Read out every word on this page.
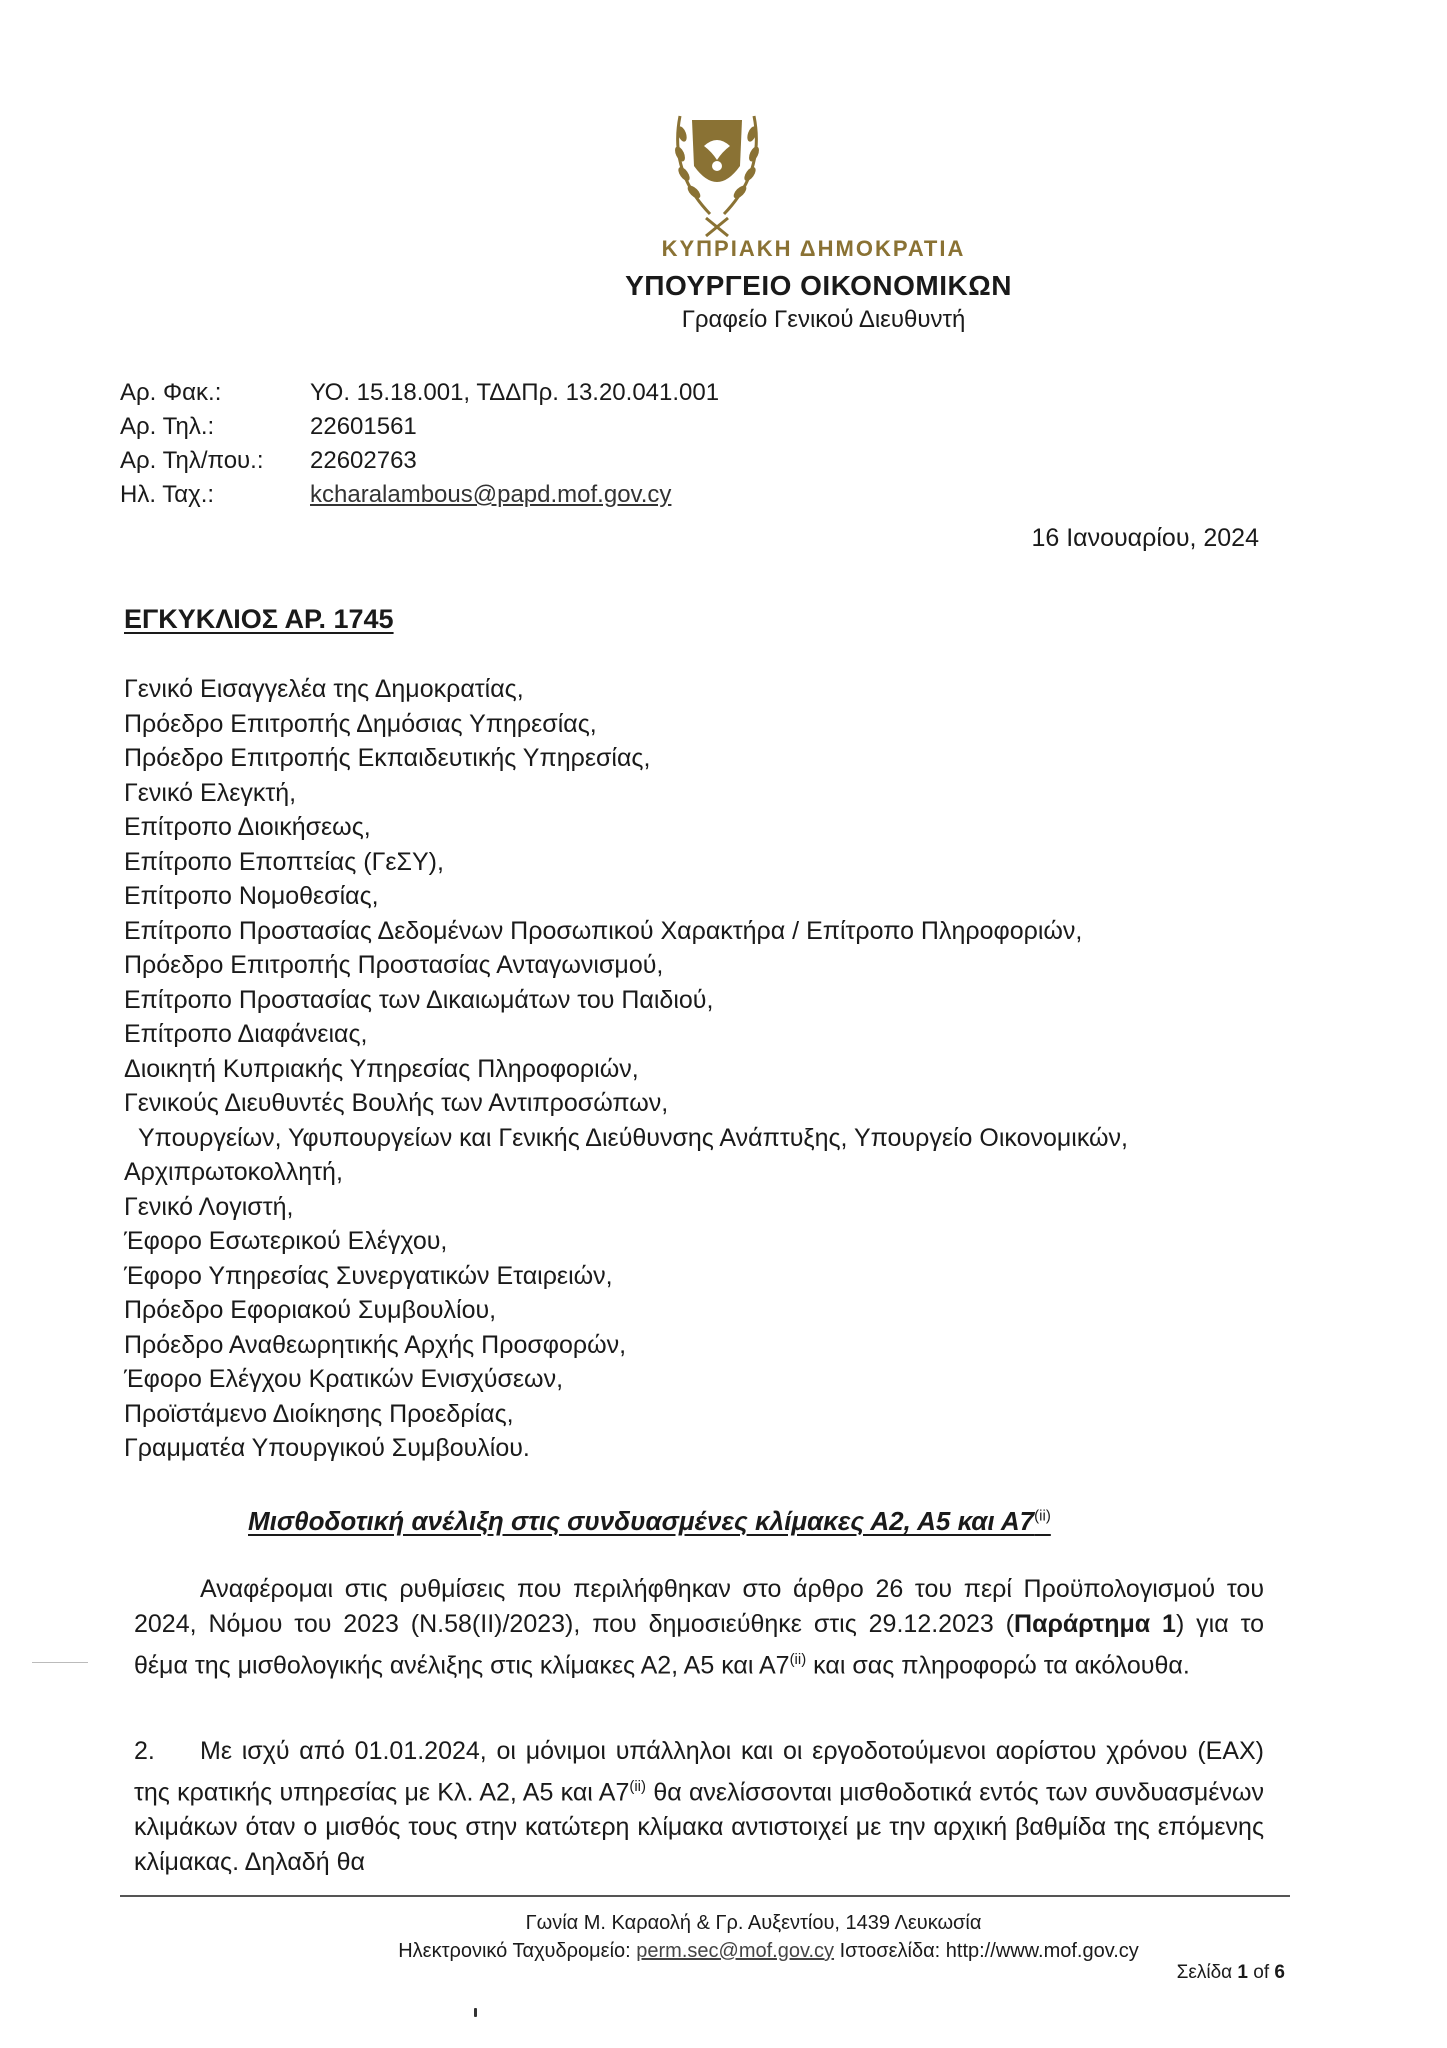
ΚΥΠΡΙΑΚΗ ΔΗΜΟΚΡΑΤΙΑ
ΥΠΟΥΡΓΕΙΟ ΟΙΚΟΝΟΜΙΚΩΝ
Γραφείο Γενικού Διευθυντή
Αρ. Φακ.:	ΥΟ. 15.18.001, ΤΔΔΠρ. 13.20.041.001
Αρ. Τηλ.:	22601561
Αρ. Τηλ/που.:	22602763
Ηλ. Ταχ.:	kcharalambous@papd.mof.gov.cy
16 Ιανουαρίου, 2024
ΕΓΚΥΚΛΙΟΣ ΑΡ. 1745
Γενικό Εισαγγελέα της Δημοκρατίας,
Πρόεδρο Επιτροπής Δημόσιας Υπηρεσίας,
Πρόεδρο Επιτροπής Εκπαιδευτικής Υπηρεσίας,
Γενικό Ελεγκτή,
Επίτροπο Διοικήσεως,
Επίτροπο Εποπτείας (ΓεΣΥ),
Επίτροπο Νομοθεσίας,
Επίτροπο Προστασίας Δεδομένων Προσωπικού Χαρακτήρα / Επίτροπο Πληροφοριών,
Πρόεδρο Επιτροπής Προστασίας Ανταγωνισμού,
Επίτροπο Προστασίας των Δικαιωμάτων του Παιδιού,
Επίτροπο Διαφάνειας,
Διοικητή Κυπριακής Υπηρεσίας Πληροφοριών,
Γενικούς Διευθυντές Βουλής των Αντιπροσώπων,
Υπουργείων, Υφυπουργείων και Γενικής Διεύθυνσης Ανάπτυξης, Υπουργείο Οικονομικών,
Αρχιπρωτοκολλητή,
Γενικό Λογιστή,
Έφορο Εσωτερικού Ελέγχου,
Έφορο Υπηρεσίας Συνεργατικών Εταιρειών,
Πρόεδρο Εφοριακού Συμβουλίου,
Πρόεδρο Αναθεωρητικής Αρχής Προσφορών,
Έφορο Ελέγχου Κρατικών Ενισχύσεων,
Προϊστάμενο Διοίκησης Προεδρίας,
Γραμματέα Υπουργικού Συμβουλίου.
Μισθοδοτική ανέλιξη στις συνδυασμένες κλίμακες Α2, Α5 και Α7$^{(ii)}$
Αναφέρομαι στις ρυθμίσεις που περιλήφθηκαν στο άρθρο 26 του περί Προϋπολογισμού του 2024, Νόμου του 2023 (Ν.58(ΙΙ)/2023), που δημοσιεύθηκε στις 29.12.2023 (Παράρτημα 1) για το θέμα της μισθολογικής ανέλιξης στις κλίμακες Α2, Α5 και Α7$^{(ii)}$ και σας πληροφορώ τα ακόλουθα.
2. Με ισχύ από 01.01.2024, οι μόνιμοι υπάλληλοι και οι εργοδοτούμενοι αορίστου χρόνου (ΕΑΧ) της κρατικής υπηρεσίας με Κλ. Α2, Α5 και Α7$^{(ii)}$ θα ανελίσσονται μισθοδοτικά εντός των συνδυασμένων κλιμάκων όταν ο μισθός τους στην κατώτερη κλίμακα αντιστοιχεί με την αρχική βαθμίδα της επόμενης κλίμακας. Δηλαδή θα
Γωνία Μ. Καραολή & Γρ. Αυξεντίου, 1439 Λευκωσία
Ηλεκτρονικό Ταχυδρομείο: perm.sec@mof.gov.cy Ιστοσελίδα: http://www.mof.gov.cy
Σελίδα 1 of 6
